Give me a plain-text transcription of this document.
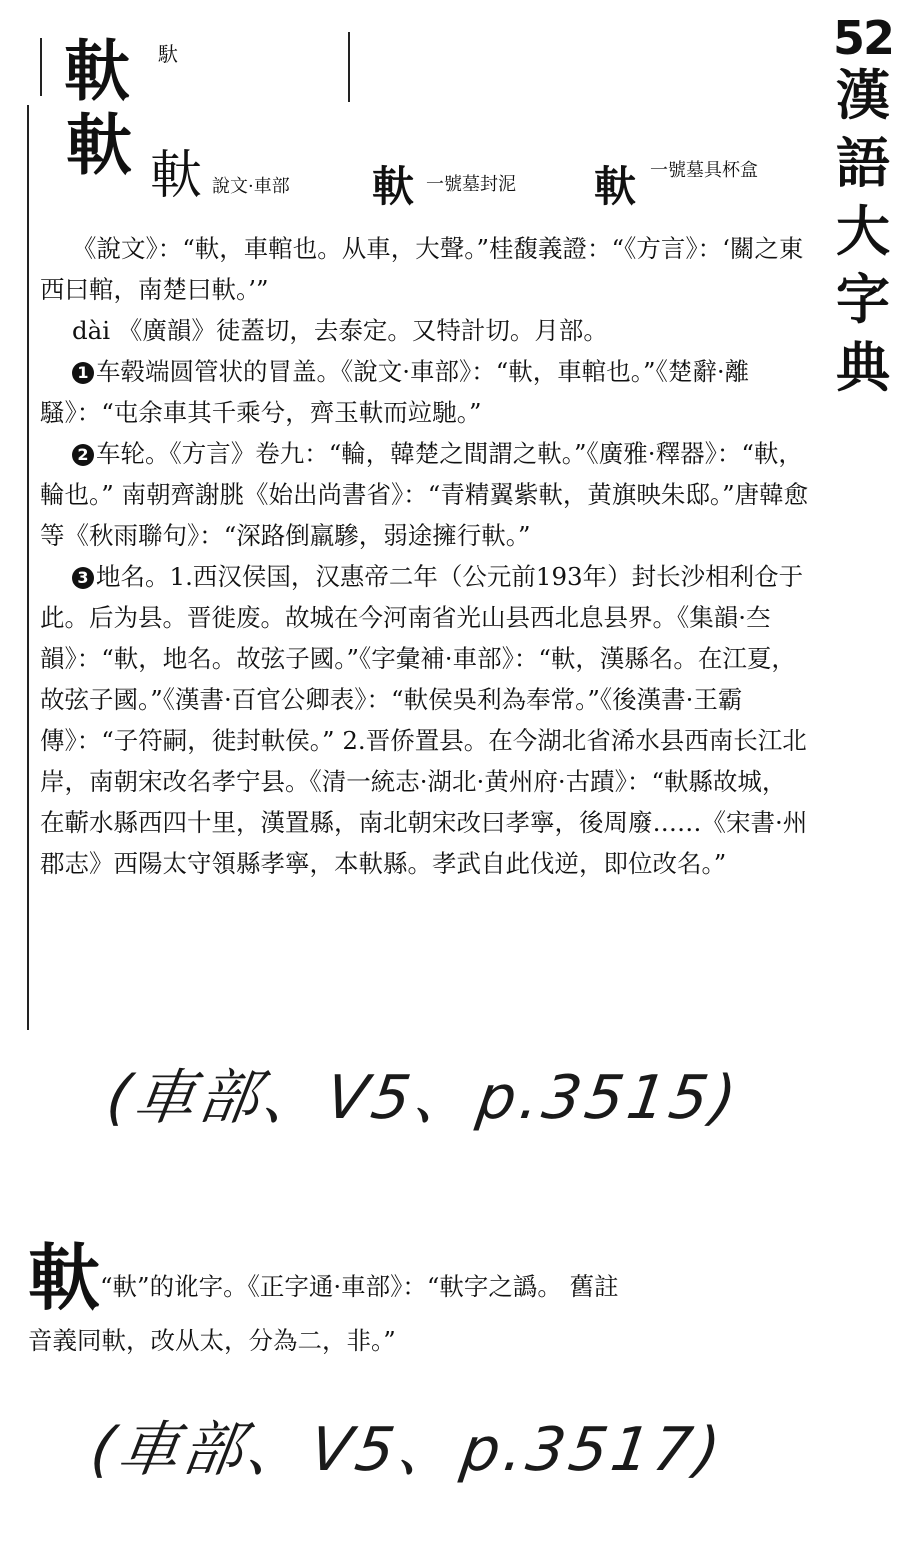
52
漢
語
大
字
典
軑 馱
軑 軑 說文·車部 軑 一號墓封泥 軑 一號墓具杯盒

《說文》：“軑，車輨也。从車，大聲。”桂馥義證：“《方言》：‘關之東西曰輨，南楚曰軑。’”

dài 《廣韻》徒蓋切，去泰定。又特計切。月部。

1 车毂端圆管状的冒盖。《說文·車部》：“軑，車輨也。”《楚辭·離騷》：“屯余車其千乘兮，齊玉軑而竝馳。”

2 车轮。《方言》卷九：“輪，韓楚之間謂之軑。”《廣雅·釋器》：“軑，輪也。” 南朝齊謝朓《始出尚書省》：“青精翼紫軑，黄旗映朱邸。”唐韓愈等《秋雨聯句》：“深路倒羸驂，弱途擁行軑。”

3 地名。1.西汉侯国，汉惠帝二年（公元前193年）封长沙相利仓于此。后为县。晋徙废。故城在今河南省光山县西北息县界。《集韻·夳韻》：“軑，地名。故弦子國。”《字彙補·車部》：“軑，漢縣名。在江夏，故弦子國。”《漢書·百官公卿表》：“軑侯吳利為奉常。”《後漢書·王霸傳》：“子符嗣，徙封軑侯。” 2.晋侨置县。在今湖北省浠水县西南长江北岸，南朝宋改名孝宁县。《清一統志·湖北·黄州府·古蹟》：“軑縣故城，在蘄水縣西四十里，漢置縣，南北朝宋改曰孝寧，後周廢……《宋書·州郡志》西陽太守領縣孝寧，本軑縣。孝武自此伐逆，即位改名。”

(車部、V5、p.3515)
軑“軑”的讹字。《正字通·車部》：“軑字之譌。 舊註
音義同軑，改从太，分為二，非。”
(車部、V5、p.3517)
